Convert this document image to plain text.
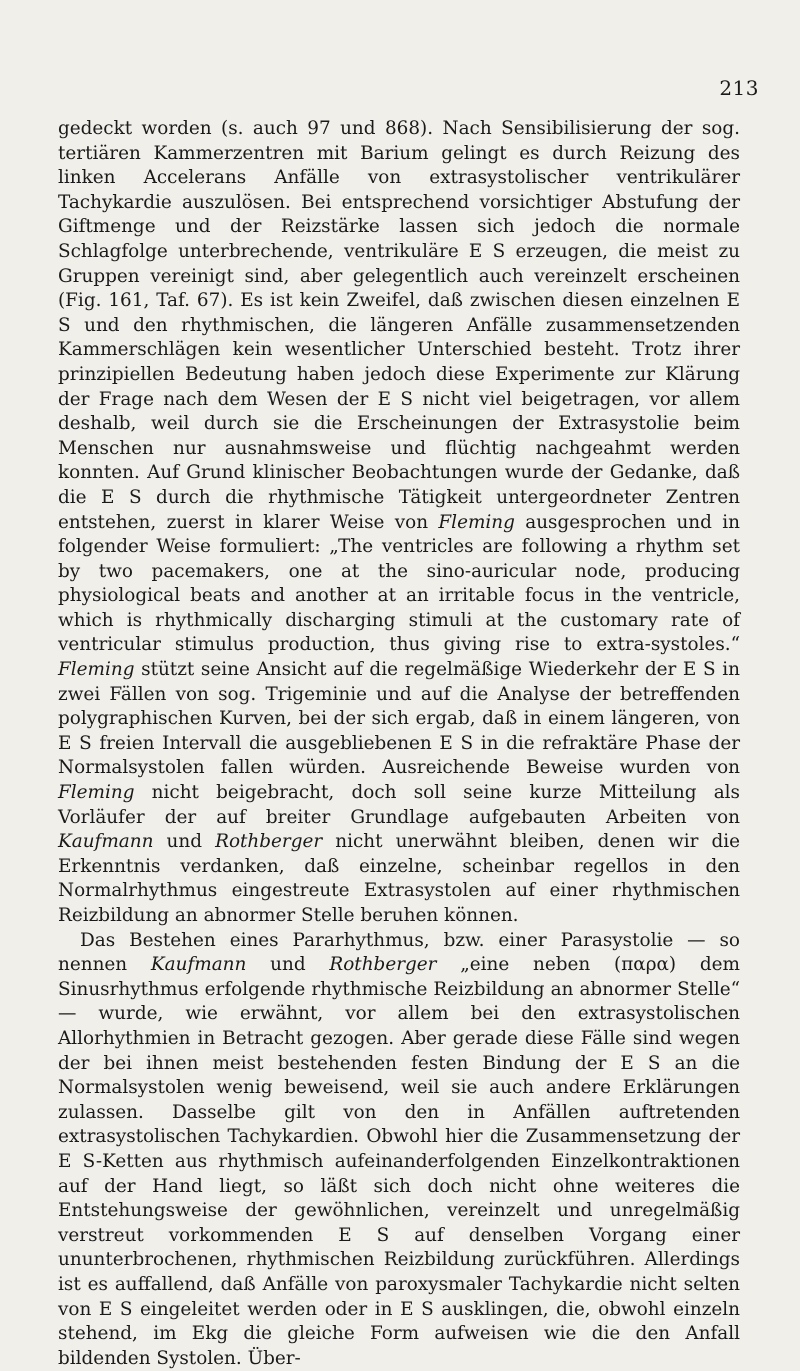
213

gedeckt worden (s. auch 97 und 868). Nach Sensibilisierung der sog. tertiären Kammerzentren mit Barium gelingt es durch Reizung des linken Accelerans Anfälle von extrasystolischer ventrikulärer Tachykardie auszulösen. Bei entsprechend vorsichtiger Abstufung der Giftmenge und der Reizstärke lassen sich jedoch die normale Schlagfolge unterbrechende, ventrikuläre E S erzeugen, die meist zu Gruppen vereinigt sind, aber gelegentlich auch vereinzelt erscheinen (Fig. 161, Taf. 67). Es ist kein Zweifel, daß zwischen diesen einzelnen E S und den rhythmischen, die längeren Anfälle zusammensetzenden Kammerschlägen kein wesentlicher Unterschied besteht. Trotz ihrer prinzipiellen Bedeutung haben jedoch diese Experimente zur Klärung der Frage nach dem Wesen der E S nicht viel beigetragen, vor allem deshalb, weil durch sie die Erscheinungen der Extrasystolie beim Menschen nur ausnahmsweise und flüchtig nachgeahmt werden konnten. Auf Grund klinischer Beobachtungen wurde der Gedanke, daß die E S durch die rhythmische Tätigkeit untergeordneter Zentren entstehen, zuerst in klarer Weise von Fleming ausgesprochen und in folgender Weise formuliert: „The ventricles are following a rhythm set by two pacemakers, one at the sino-auricular node, producing physiological beats and another at an irritable focus in the ventricle, which is rhythmically discharging stimuli at the customary rate of ventricular stimulus production, thus giving rise to extra-systoles.“ Fleming stützt seine Ansicht auf die regelmäßige Wiederkehr der E S in zwei Fällen von sog. Trigeminie und auf die Analyse der betreffenden polygraphischen Kurven, bei der sich ergab, daß in einem längeren, von E S freien Intervall die ausgebliebenen E S in die refraktäre Phase der Normalsystolen fallen würden. Ausreichende Beweise wurden von Fleming nicht beigebracht, doch soll seine kurze Mitteilung als Vorläufer der auf breiter Grundlage aufgebauten Arbeiten von Kaufmann und Rothberger nicht unerwähnt bleiben, denen wir die Erkenntnis verdanken, daß einzelne, scheinbar regellos in den Normalrhythmus eingestreute Extrasystolen auf einer rhythmischen Reizbildung an abnormer Stelle beruhen können.

Das Bestehen eines Pararhythmus, bzw. einer Parasystolie — so nennen Kaufmann und Rothberger „eine neben (παρα) dem Sinusrhythmus erfolgende rhythmische Reizbildung an abnormer Stelle“ — wurde, wie erwähnt, vor allem bei den extrasystolischen Allorhythmien in Betracht gezogen. Aber gerade diese Fälle sind wegen der bei ihnen meist bestehenden festen Bindung der E S an die Normalsystolen wenig beweisend, weil sie auch andere Erklärungen zulassen. Dasselbe gilt von den in Anfällen auftretenden extrasystolischen Tachykardien. Obwohl hier die Zusammensetzung der E S-Ketten aus rhythmisch aufeinanderfolgenden Einzelkontraktionen auf der Hand liegt, so läßt sich doch nicht ohne weiteres die Entstehungsweise der gewöhnlichen, vereinzelt und unregelmäßig verstreut vorkommenden E S auf denselben Vorgang einer ununterbrochenen, rhythmischen Reizbildung zurückführen. Allerdings ist es auffallend, daß Anfälle von paroxysmaler Tachykardie nicht selten von E S eingeleitet werden oder in E S ausklingen, die, obwohl einzeln stehend, im Ekg die gleiche Form aufweisen wie die den Anfall bildenden Systolen. Über-
